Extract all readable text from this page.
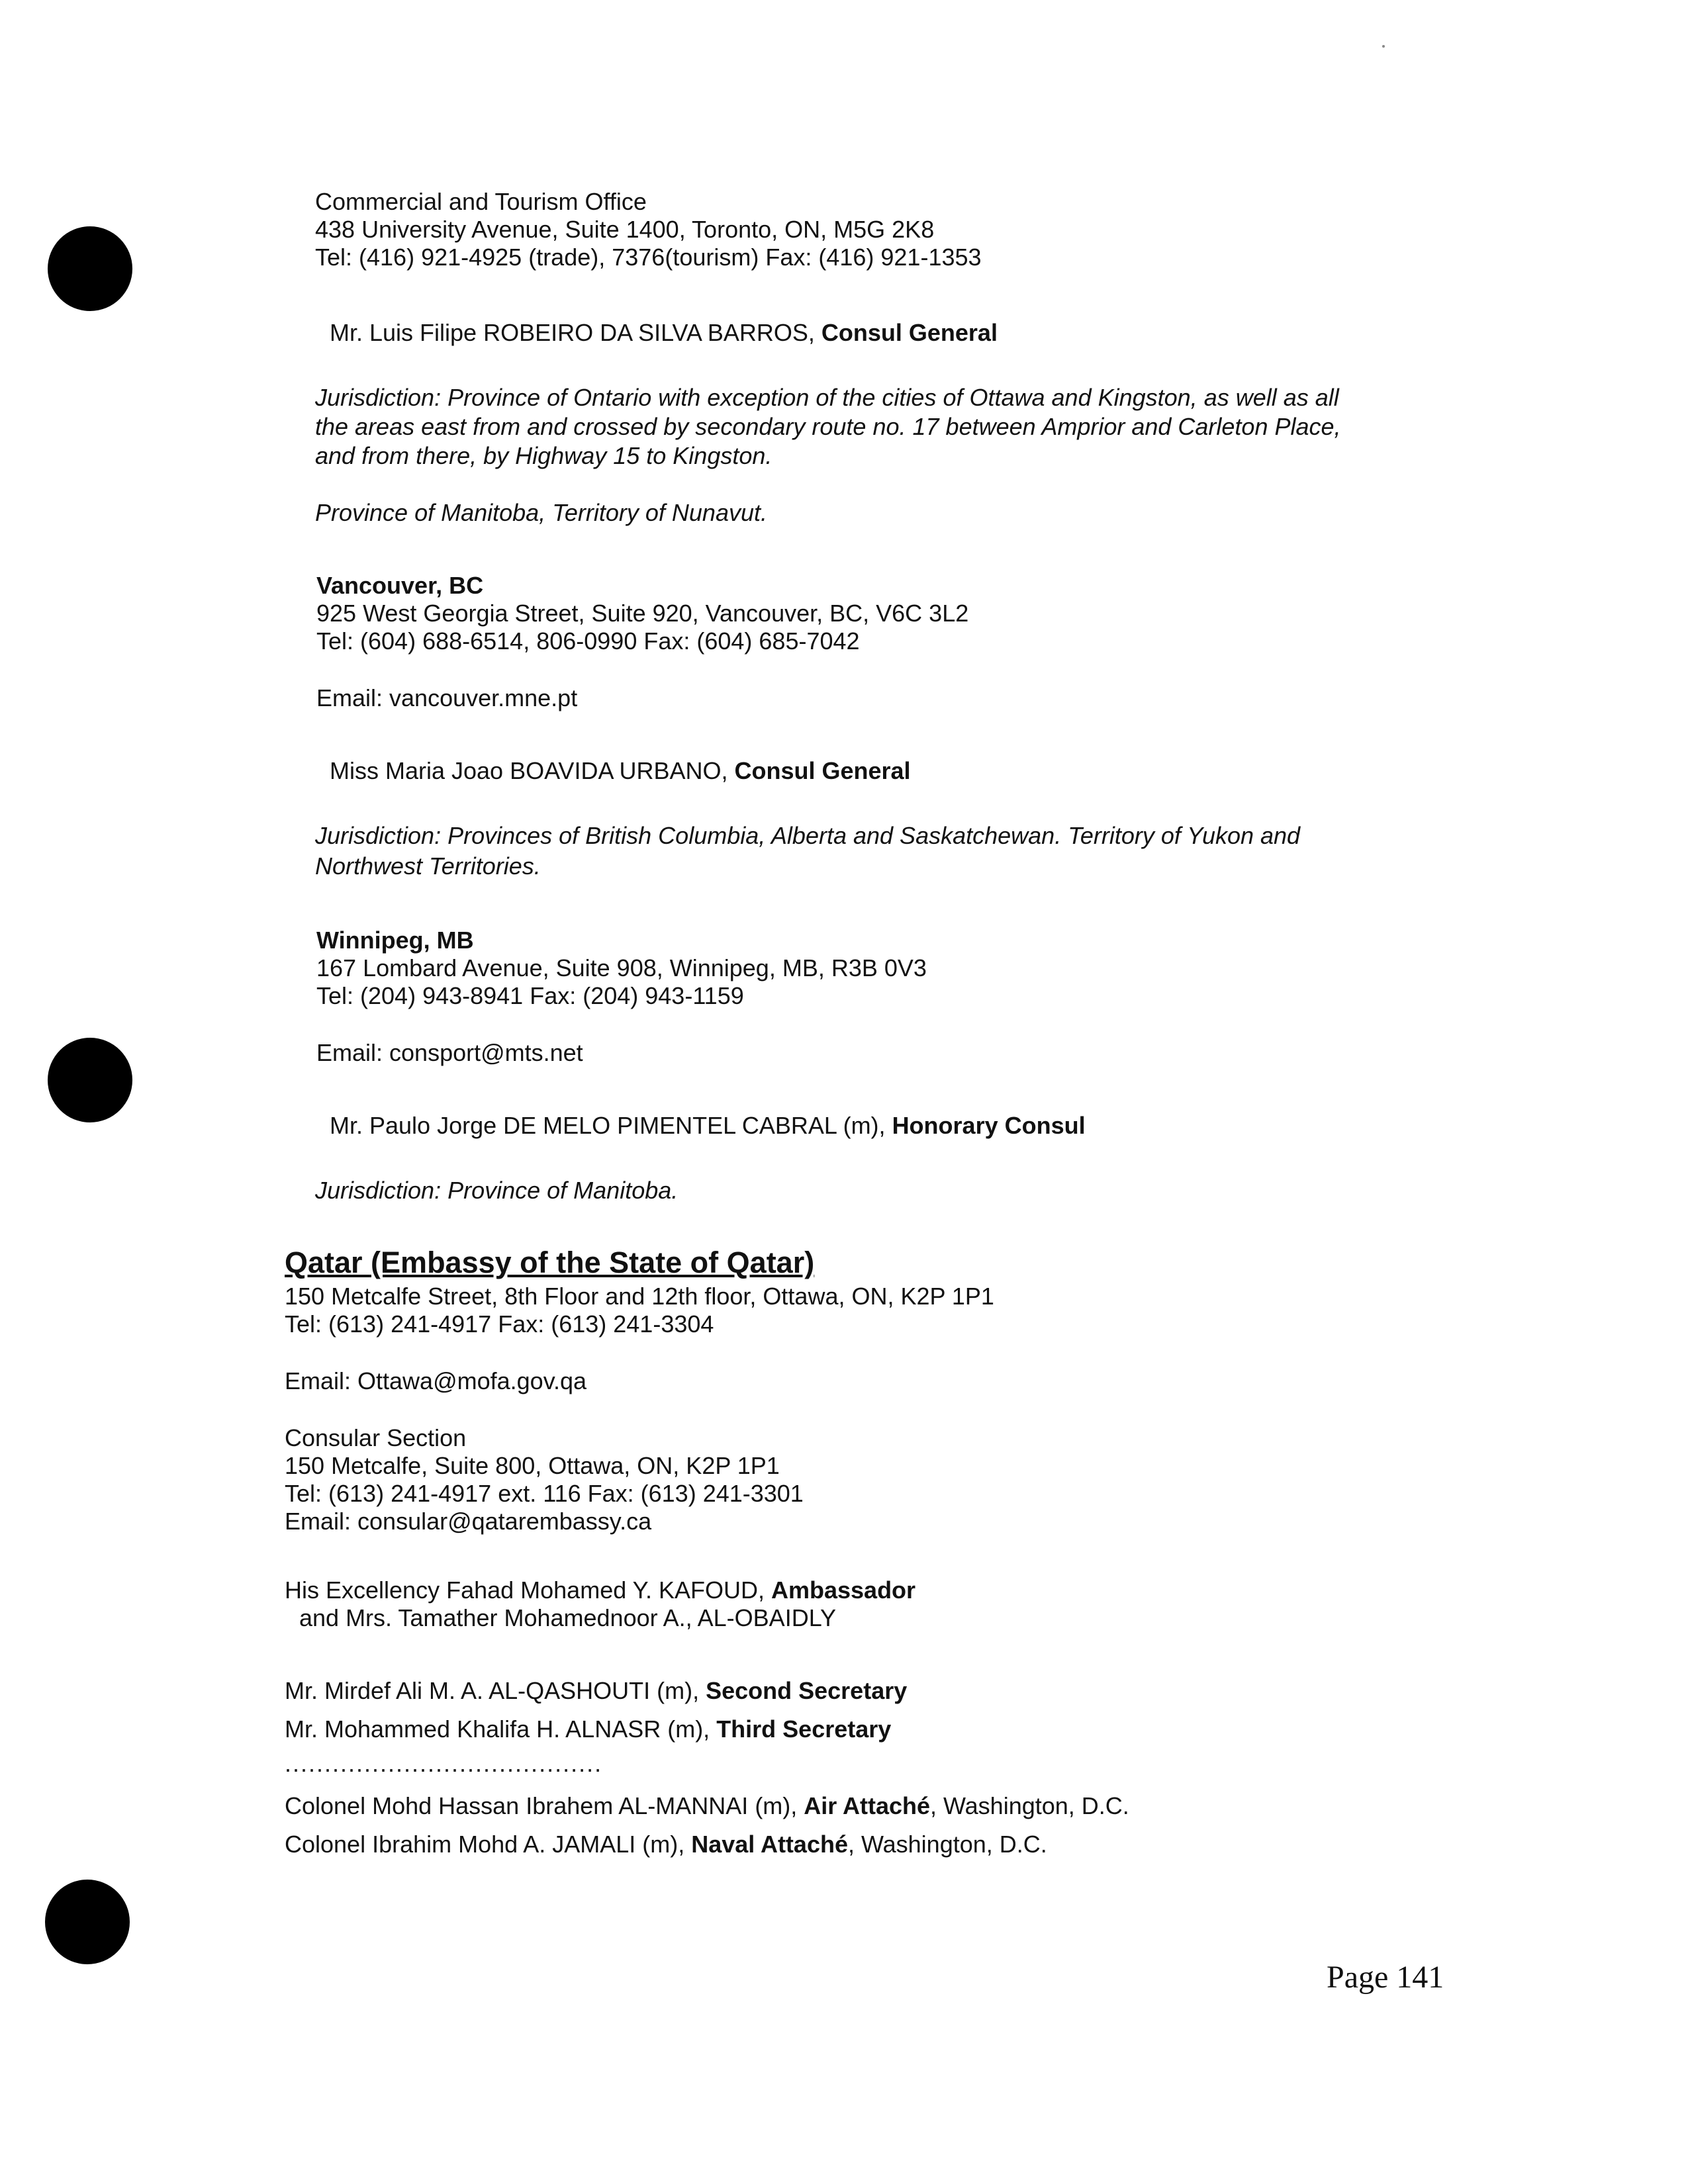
Commercial and Tourism Office
438 University Avenue, Suite 1400, Toronto, ON, M5G 2K8
Tel: (416) 921-4925 (trade), 7376(tourism) Fax: (416) 921-1353
Mr. Luis Filipe ROBEIRO DA SILVA BARROS, Consul General
Jurisdiction: Province of Ontario with exception of the cities of Ottawa and Kingston, as well as all
the areas east from and crossed by secondary route no. 17 between Amprior and Carleton Place,
and from there, by Highway 15 to Kingston.
Province of Manitoba, Territory of Nunavut.
Vancouver, BC
925 West Georgia Street, Suite 920, Vancouver, BC, V6C 3L2
Tel: (604) 688-6514, 806-0990 Fax: (604) 685-7042
Email: vancouver.mne.pt
Miss Maria Joao BOAVIDA URBANO, Consul General
Jurisdiction: Provinces of British Columbia, Alberta and Saskatchewan. Territory of Yukon and
Northwest Territories.
Winnipeg, MB
167 Lombard Avenue, Suite 908, Winnipeg, MB, R3B 0V3
Tel: (204) 943-8941 Fax: (204) 943-1159
Email: consport@mts.net
Mr. Paulo Jorge DE MELO PIMENTEL CABRAL (m), Honorary Consul
Jurisdiction: Province of Manitoba.
Qatar (Embassy of the State of Qatar)
150 Metcalfe Street, 8th Floor and 12th floor, Ottawa, ON, K2P 1P1
Tel: (613) 241-4917 Fax: (613) 241-3304
Email: Ottawa@mofa.gov.qa
Consular Section
150 Metcalfe, Suite 800, Ottawa, ON, K2P 1P1
Tel: (613) 241-4917 ext. 116 Fax: (613) 241-3301
Email: consular@qatarembassy.ca
His Excellency Fahad Mohamed Y. KAFOUD, Ambassador
and Mrs. Tamather Mohamednoor A., AL-OBAIDLY
Mr. Mirdef Ali M. A. AL-QASHOUTI (m), Second Secretary
Mr. Mohammed Khalifa H. ALNASR (m), Third Secretary
........................................
Colonel Mohd Hassan Ibrahem AL-MANNAI (m), Air Attaché, Washington, D.C.
Colonel Ibrahim Mohd A. JAMALI (m), Naval Attaché, Washington, D.C.
Page 141
